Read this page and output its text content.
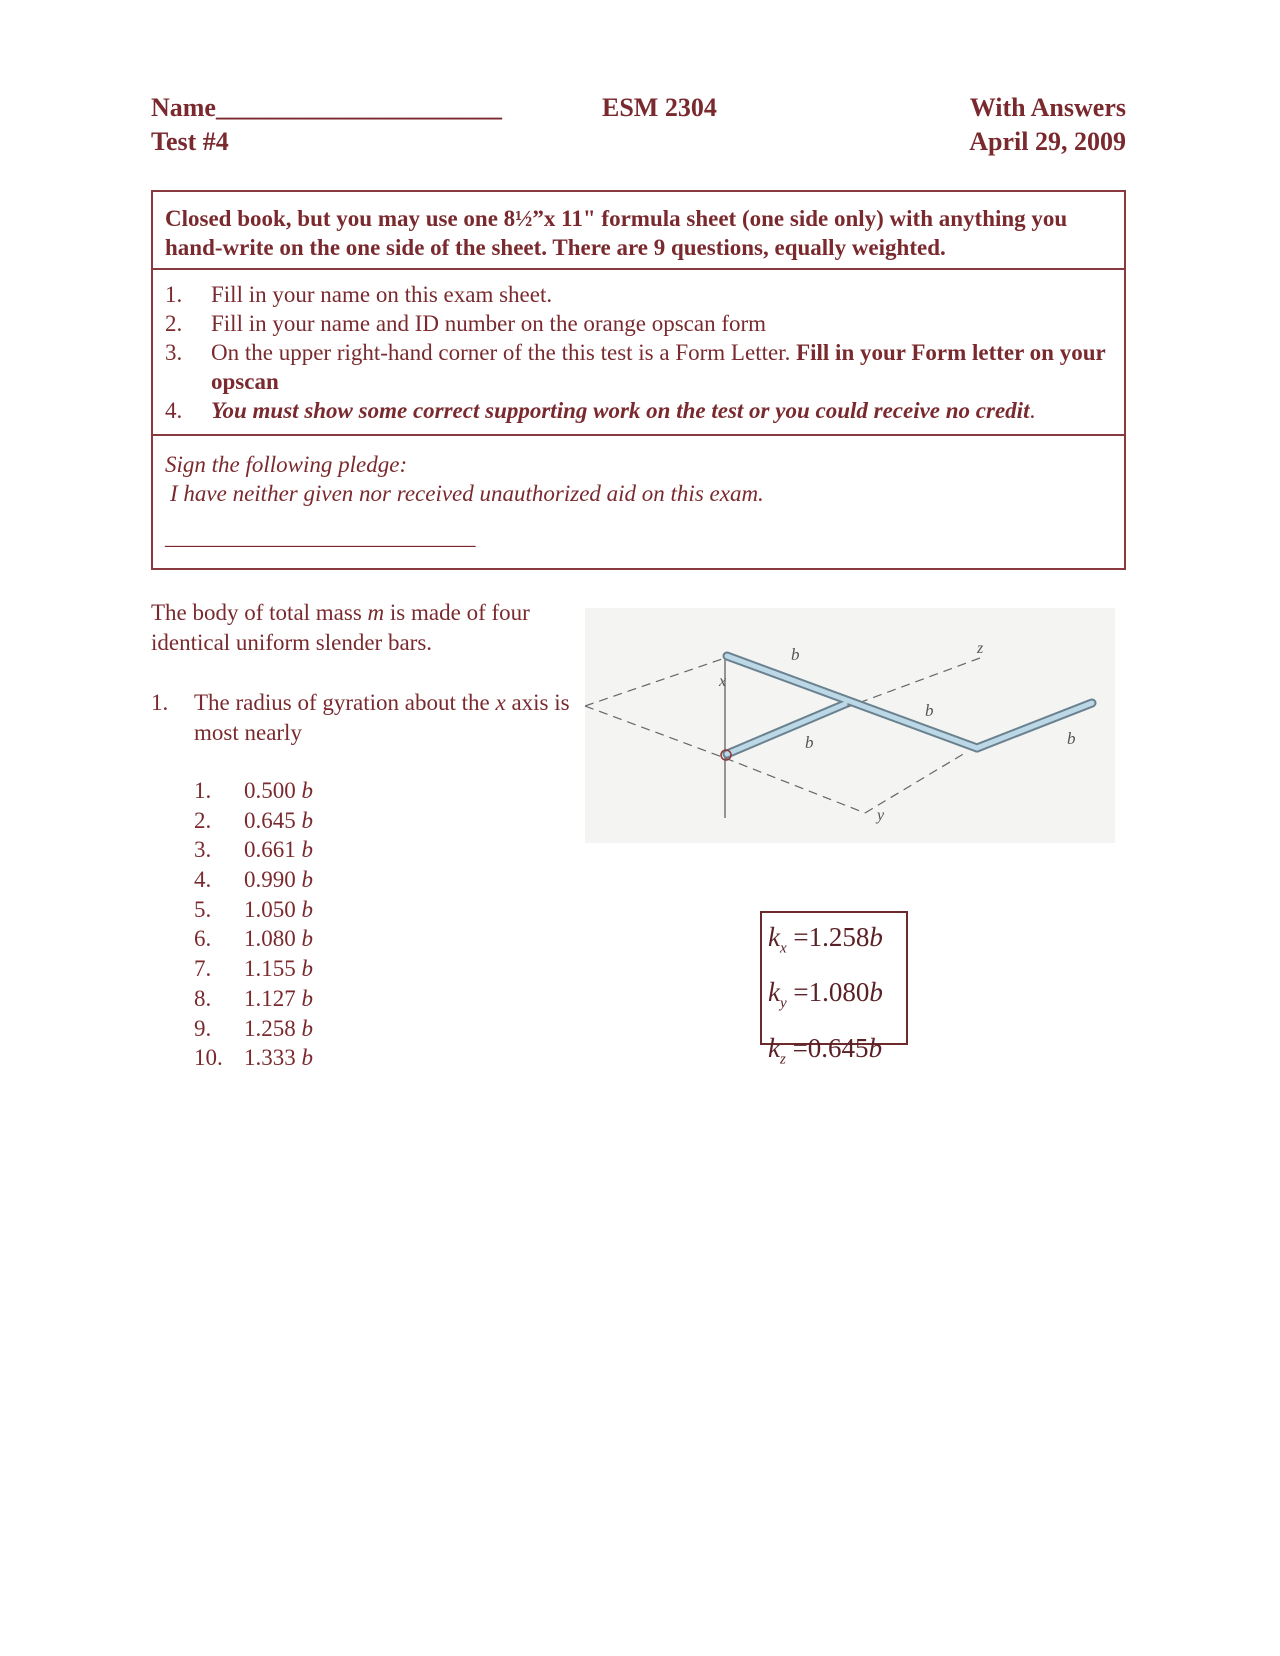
Name______________________
Test #4
ESM 2304	With Answers
April 29, 2009
Closed book, but you may use one 8½”x 11" formula sheet (one side only) with anything you hand-write on the one side of the sheet. There are 9 questions, equally weighted.
1. Fill in your name on this exam sheet.
2. Fill in your name and ID number on the orange opscan form
3. On the upper right-hand corner of the this test is a Form Letter. Fill in your Form letter on your opscan
4. You must show some correct supporting work on the test or you could receive no credit.
Sign the following pledge:
I have neither given nor received unauthorized aid on this exam.
___________________________
The body of total mass m is made of four identical uniform slender bars.
1.	The radius of gyration about the x axis is most nearly
1. 0.500 b
2. 0.645 b
3. 0.661 b
4. 0.990 b
5. 1.050 b
6. 1.080 b
7. 1.155 b
8. 1.127 b
9. 1.258 b
10. 1.333 b
x
y
z
b
b
b	b
$k_x =1.258b$
$k_y =1.080b$
$k_z =0.645b$
